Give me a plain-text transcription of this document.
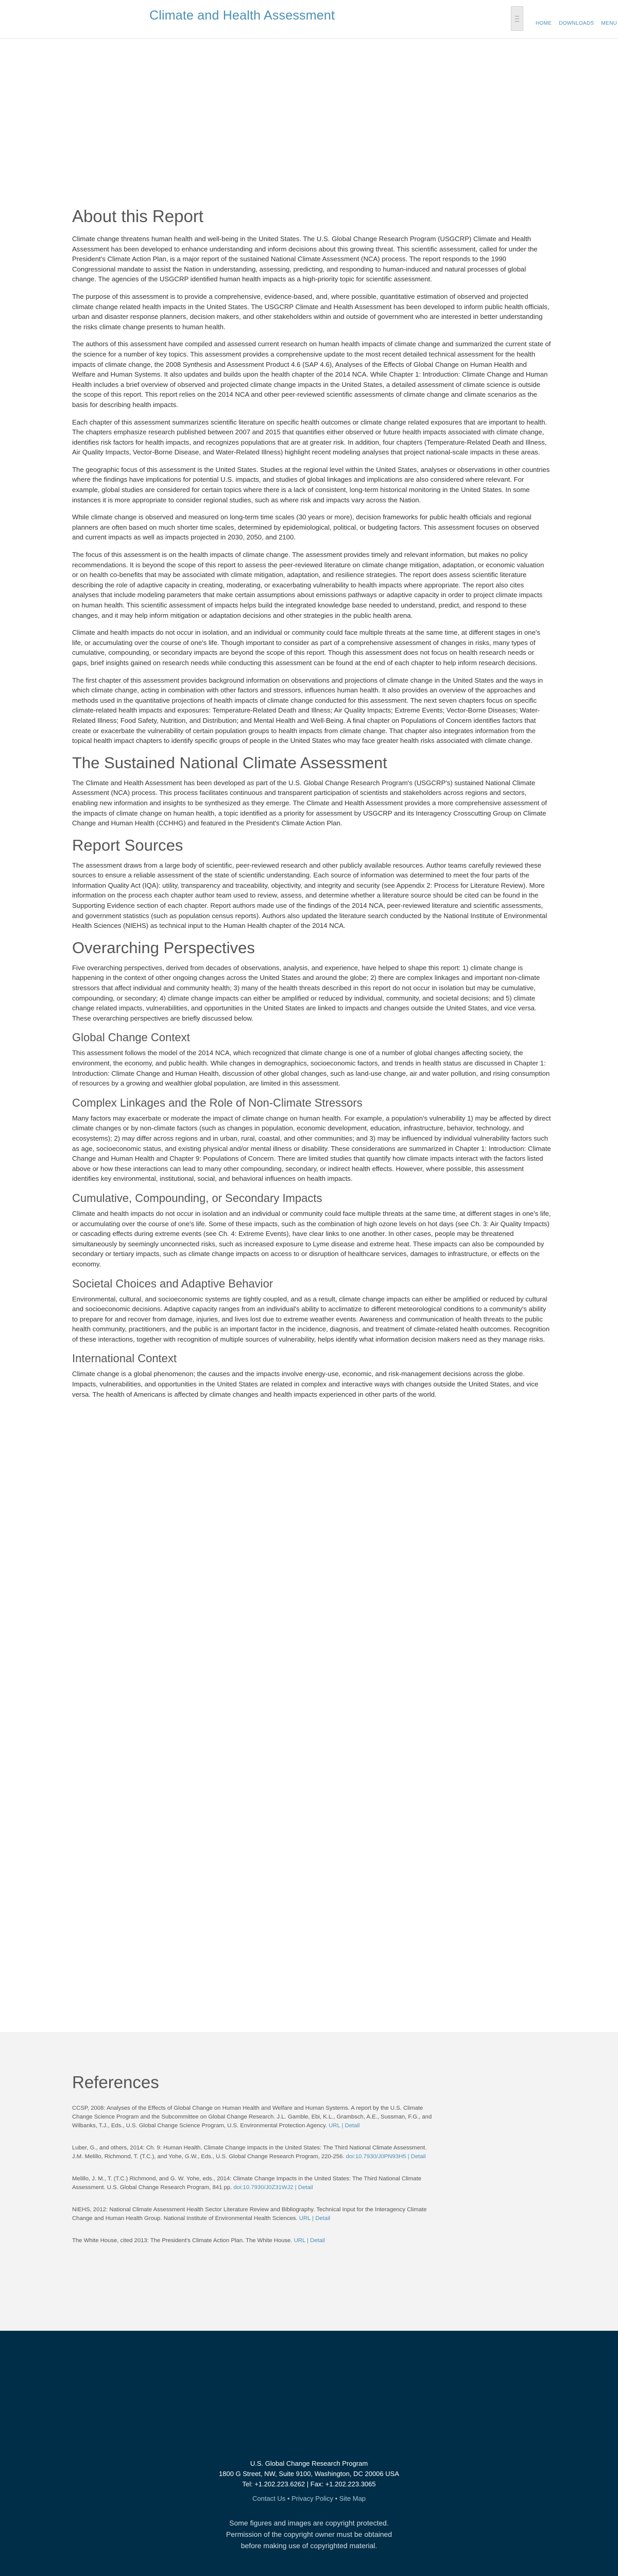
Climate and Health Assessment
HOME DOWNLOADS MENU
About this Report

Climate change threatens human health and well-being in the United States. The U.S. Global Change Research Program (USGCRP) Climate and Health Assessment has been developed to enhance understanding and inform decisions about this growing threat. This scientific assessment, called for under the President's Climate Action Plan, is a major report of the sustained National Climate Assessment (NCA) process. The report responds to the 1990 Congressional mandate to assist the Nation in understanding, assessing, predicting, and responding to human-induced and natural processes of global change. The agencies of the USGCRP identified human health impacts as a high-priority topic for scientific assessment.

The purpose of this assessment is to provide a comprehensive, evidence-based, and, where possible, quantitative estimation of observed and projected climate change related health impacts in the United States. The USGCRP Climate and Health Assessment has been developed to inform public health officials, urban and disaster response planners, decision makers, and other stakeholders within and outside of government who are interested in better understanding the risks climate change presents to human health.

The authors of this assessment have compiled and assessed current research on human health impacts of climate change and summarized the current state of the science for a number of key topics. This assessment provides a comprehensive update to the most recent detailed technical assessment for the health impacts of climate change, the 2008 Synthesis and Assessment Product 4.6 (SAP 4.6), Analyses of the Effects of Global Change on Human Health and Welfare and Human Systems. It also updates and builds upon the health chapter of the 2014 NCA. While Chapter 1: Introduction: Climate Change and Human Health includes a brief overview of observed and projected climate change impacts in the United States, a detailed assessment of climate science is outside the scope of this report. This report relies on the 2014 NCA and other peer-reviewed scientific assessments of climate change and climate scenarios as the basis for describing health impacts.

Each chapter of this assessment summarizes scientific literature on specific health outcomes or climate change related exposures that are important to health. The chapters emphasize research published between 2007 and 2015 that quantifies either observed or future health impacts associated with climate change, identifies risk factors for health impacts, and recognizes populations that are at greater risk. In addition, four chapters (Temperature-Related Death and Illness, Air Quality Impacts, Vector-Borne Disease, and Water-Related Illness) highlight recent modeling analyses that project national-scale impacts in these areas.

The geographic focus of this assessment is the United States. Studies at the regional level within the United States, analyses or observations in other countries where the findings have implications for potential U.S. impacts, and studies of global linkages and implications are also considered where relevant. For example, global studies are considered for certain topics where there is a lack of consistent, long-term historical monitoring in the United States. In some instances it is more appropriate to consider regional studies, such as where risk and impacts vary across the Nation.

While climate change is observed and measured on long-term time scales (30 years or more), decision frameworks for public health officials and regional planners are often based on much shorter time scales, determined by epidemiological, political, or budgeting factors. This assessment focuses on observed and current impacts as well as impacts projected in 2030, 2050, and 2100.

The focus of this assessment is on the health impacts of climate change. The assessment provides timely and relevant information, but makes no policy recommendations. It is beyond the scope of this report to assess the peer-reviewed literature on climate change mitigation, adaptation, or economic valuation or on health co-benefits that may be associated with climate mitigation, adaptation, and resilience strategies. The report does assess scientific literature describing the role of adaptive capacity in creating, moderating, or exacerbating vulnerability to health impacts where appropriate. The report also cites analyses that include modeling parameters that make certain assumptions about emissions pathways or adaptive capacity in order to project climate impacts on human health. This scientific assessment of impacts helps build the integrated knowledge base needed to understand, predict, and respond to these changes, and it may help inform mitigation or adaptation decisions and other strategies in the public health arena.

Climate and health impacts do not occur in isolation, and an individual or community could face multiple threats at the same time, at different stages in one's life, or accumulating over the course of one's life. Though important to consider as part of a comprehensive assessment of changes in risks, many types of cumulative, compounding, or secondary impacts are beyond the scope of this report. Though this assessment does not focus on health research needs or gaps, brief insights gained on research needs while conducting this assessment can be found at the end of each chapter to help inform research decisions.

The first chapter of this assessment provides background information on observations and projections of climate change in the United States and the ways in which climate change, acting in combination with other factors and stressors, influences human health. It also provides an overview of the approaches and methods used in the quantitative projections of health impacts of climate change conducted for this assessment. The next seven chapters focus on specific climate-related health impacts and exposures: Temperature-Related Death and Illness; Air Quality Impacts; Extreme Events; Vector-Borne Diseases; Water-Related Illness; Food Safety, Nutrition, and Distribution; and Mental Health and Well-Being. A final chapter on Populations of Concern identifies factors that create or exacerbate the vulnerability of certain population groups to health impacts from climate change. That chapter also integrates information from the topical health impact chapters to identify specific groups of people in the United States who may face greater health risks associated with climate change.

The Sustained National Climate Assessment

The Climate and Health Assessment has been developed as part of the U.S. Global Change Research Program's (USGCRP's) sustained National Climate Assessment (NCA) process. This process facilitates continuous and transparent participation of scientists and stakeholders across regions and sectors, enabling new information and insights to be synthesized as they emerge. The Climate and Health Assessment provides a more comprehensive assessment of the impacts of climate change on human health, a topic identified as a priority for assessment by USGCRP and its Interagency Crosscutting Group on Climate Change and Human Health (CCHHG) and featured in the President's Climate Action Plan.

Report Sources

The assessment draws from a large body of scientific, peer-reviewed research and other publicly available resources. Author teams carefully reviewed these sources to ensure a reliable assessment of the state of scientific understanding. Each source of information was determined to meet the four parts of the Information Quality Act (IQA): utility, transparency and traceability, objectivity, and integrity and security (see Appendix 2: Process for Literature Review). More information on the process each chapter author team used to review, assess, and determine whether a literature source should be cited can be found in the Supporting Evidence section of each chapter. Report authors made use of the findings of the 2014 NCA, peer-reviewed literature and scientific assessments, and government statistics (such as population census reports). Authors also updated the literature search conducted by the National Institute of Environmental Health Sciences (NIEHS) as technical input to the Human Health chapter of the 2014 NCA.

Overarching Perspectives

Five overarching perspectives, derived from decades of observations, analysis, and experience, have helped to shape this report: 1) climate change is happening in the context of other ongoing changes across the United States and around the globe; 2) there are complex linkages and important non-climate stressors that affect individual and community health; 3) many of the health threats described in this report do not occur in isolation but may be cumulative, compounding, or secondary; 4) climate change impacts can either be amplified or reduced by individual, community, and societal decisions; and 5) climate change related impacts, vulnerabilities, and opportunities in the United States are linked to impacts and changes outside the United States, and vice versa. These overarching perspectives are briefly discussed below.

Global Change Context

This assessment follows the model of the 2014 NCA, which recognized that climate change is one of a number of global changes affecting society, the environment, the economy, and public health. While changes in demographics, socioeconomic factors, and trends in health status are discussed in Chapter 1: Introduction: Climate Change and Human Health, discussion of other global changes, such as land-use change, air and water pollution, and rising consumption of resources by a growing and wealthier global population, are limited in this assessment.

Complex Linkages and the Role of Non-Climate Stressors

Many factors may exacerbate or moderate the impact of climate change on human health. For example, a population's vulnerability 1) may be affected by direct climate changes or by non-climate factors (such as changes in population, economic development, education, infrastructure, behavior, technology, and ecosystems); 2) may differ across regions and in urban, rural, coastal, and other communities; and 3) may be influenced by individual vulnerability factors such as age, socioeconomic status, and existing physical and/or mental illness or disability. These considerations are summarized in Chapter 1: Introduction: Climate Change and Human Health and Chapter 9: Populations of Concern. There are limited studies that quantify how climate impacts interact with the factors listed above or how these interactions can lead to many other compounding, secondary, or indirect health effects. However, where possible, this assessment identifies key environmental, institutional, social, and behavioral influences on health impacts.

Cumulative, Compounding, or Secondary Impacts

Climate and health impacts do not occur in isolation and an individual or community could face multiple threats at the same time, at different stages in one's life, or accumulating over the course of one's life. Some of these impacts, such as the combination of high ozone levels on hot days (see Ch. 3: Air Quality Impacts) or cascading effects during extreme events (see Ch. 4: Extreme Events), have clear links to one another. In other cases, people may be threatened simultaneously by seemingly unconnected risks, such as increased exposure to Lyme disease and extreme heat. These impacts can also be compounded by secondary or tertiary impacts, such as climate change impacts on access to or disruption of healthcare services, damages to infrastructure, or effects on the economy.

Societal Choices and Adaptive Behavior

Environmental, cultural, and socioeconomic systems are tightly coupled, and as a result, climate change impacts can either be amplified or reduced by cultural and socioeconomic decisions. Adaptive capacity ranges from an individual's ability to acclimatize to different meteorological conditions to a community's ability to prepare for and recover from damage, injuries, and lives lost due to extreme weather events. Awareness and communication of health threats to the public health community, practitioners, and the public is an important factor in the incidence, diagnosis, and treatment of climate-related health outcomes. Recognition of these interactions, together with recognition of multiple sources of vulnerability, helps identify what information decision makers need as they manage risks.

International Context

Climate change is a global phenomenon; the causes and the impacts involve energy-use, economic, and risk-management decisions across the globe. Impacts, vulnerabilities, and opportunities in the United States are related in complex and interactive ways with changes outside the United States, and vice versa. The health of Americans is affected by climate changes and health impacts experienced in other parts of the world.

References
CCSP, 2008: Analyses of the Effects of Global Change on Human Health and Welfare and Human Systems. A report by the U.S. Climate Change Science Program and the Subcommittee on Global Change Research. J.L. Gamble, Ebi, K.L., Grambsch, A.E., Sussman, F.G., and Wilbanks, T.J., Eds., U.S. Global Change Science Program, U.S. Environmental Protection Agency. URL | Detail
Luber, G., and others, 2014: Ch. 9: Human Health. Climate Change Impacts in the United States: The Third National Climate Assessment. J.M. Melillo, Richmond, T. (T.C.), and Yohe, G.W., Eds., U.S. Global Change Research Program, 220-256. doi:10.7930/J0PN93H5 | Detail
Melillo, J. M., T. (T.C.) Richmond, and G. W. Yohe, eds., 2014: Climate Change Impacts in the United States: The Third National Climate Assessment. U.S. Global Change Research Program, 841 pp. doi:10.7930/J0Z31WJ2 | Detail
NIEHS, 2012: National Climate Assessment Health Sector Literature Review and Bibliography. Technical Input for the Interagency Climate Change and Human Health Group. National Institute of Environmental Health Sciences. URL | Detail
The White House, cited 2013: The President's Climate Action Plan. The White House. URL | Detail
U.S. Global Change Research Program
1800 G Street, NW, Suite 9100, Washington, DC 20006 USA
Tel: +1.202.223.6262 | Fax: +1.202.223.3065
Contact Us • Privacy Policy • Site Map
Some figures and images are copyright protected.
Permission of the copyright owner must be obtained
before making use of copyrighted material.
